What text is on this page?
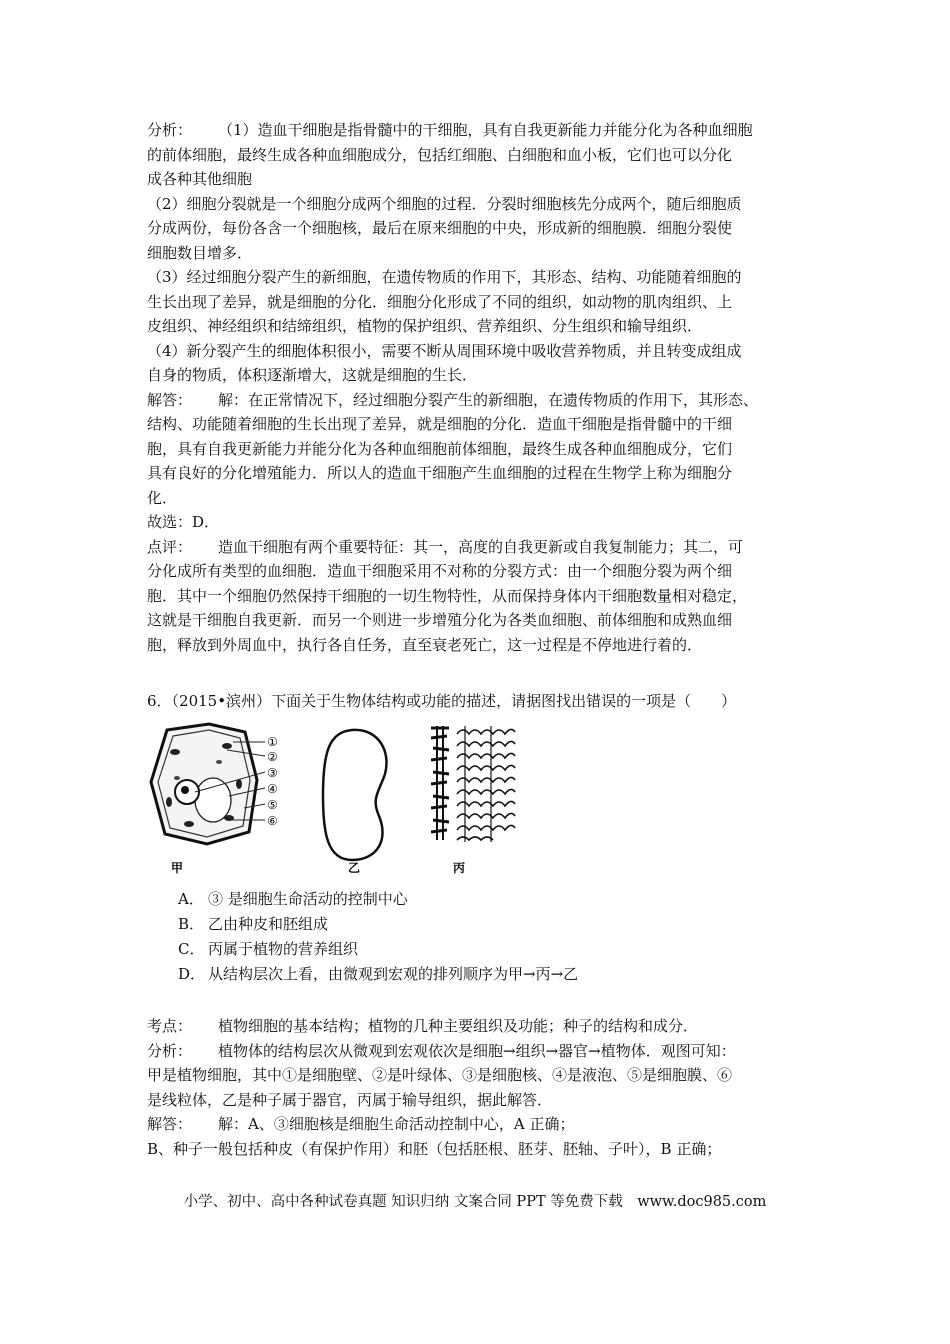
分析： （1）造血干细胞是指骨髓中的干细胞，具有自我更新能力并能分化为各种血细胞
的前体细胞，最终生成各种血细胞成分，包括红细胞、白细胞和血小板，它们也可以分化
成各种其他细胞
（2）细胞分裂就是一个细胞分成两个细胞的过程．分裂时细胞核先分成两个，随后细胞质
分成两份，每份各含一个细胞核，最后在原来细胞的中央，形成新的细胞膜．细胞分裂使
细胞数目增多．
（3）经过细胞分裂产生的新细胞，在遗传物质的作用下，其形态、结构、功能随着细胞的
生长出现了差异，就是细胞的分化．细胞分化形成了不同的组织，如动物的肌肉组织、上
皮组织、神经组织和结缔组织，植物的保护组织、营养组织、分生组织和输导组织．
（4）新分裂产生的细胞体积很小，需要不断从周围环境中吸收营养物质，并且转变成组成
自身的物质，体积逐渐增大，这就是细胞的生长．
解答： 解：在正常情况下，经过细胞分裂产生的新细胞，在遗传物质的作用下，其形态、
结构、功能随着细胞的生长出现了差异，就是细胞的分化．造血干细胞是指骨髓中的干细
胞，具有自我更新能力并能分化为各种血细胞前体细胞，最终生成各种血细胞成分，它们
具有良好的分化增殖能力．所以人的造血干细胞产生血细胞的过程在生物学上称为细胞分
化．
故选：D．
点评： 造血干细胞有两个重要特征：其一，高度的自我更新或自我复制能力；其二，可
分化成所有类型的血细胞．造血干细胞采用不对称的分裂方式：由一个细胞分裂为两个细
胞．其中一个细胞仍然保持干细胞的一切生物特性，从而保持身体内干细胞数量相对稳定，
这就是干细胞自我更新．而另一个则进一步增殖分化为各类血细胞、前体细胞和成熟血细
胞，释放到外周血中，执行各自任务，直至衰老死亡，这一过程是不停地进行着的．
6．（2015•滨州）下面关于生物体结构或功能的描述，请据图找出错误的一项是（　　）
①
②
③
④
⑤
⑥
甲	乙	丙
A． ③ 是细胞生命活动的控制中心
B． 乙由种皮和胚组成
C． 丙属于植物的营养组织
D． 从结构层次上看，由微观到宏观的排列顺序为甲→丙→乙
考点： 植物细胞的基本结构；植物的几种主要组织及功能；种子的结构和成分．
分析： 植物体的结构层次从微观到宏观依次是细胞→组织→器官→植物体．观图可知：
甲是植物细胞，其中①是细胞壁、②是叶绿体、③是细胞核、④是液泡、⑤是细胞膜、⑥
是线粒体，乙是种子属于器官，丙属于输导组织，据此解答．
解答： 解：A、③细胞核是细胞生命活动控制中心，A 正确；
B、种子一般包括种皮（有保护作用）和胚（包括胚根、胚芽、胚轴、子叶），B 正确；
小学、初中、高中各种试卷真题 知识归纳 文案合同 PPT 等免费下载　www.doc985.com
